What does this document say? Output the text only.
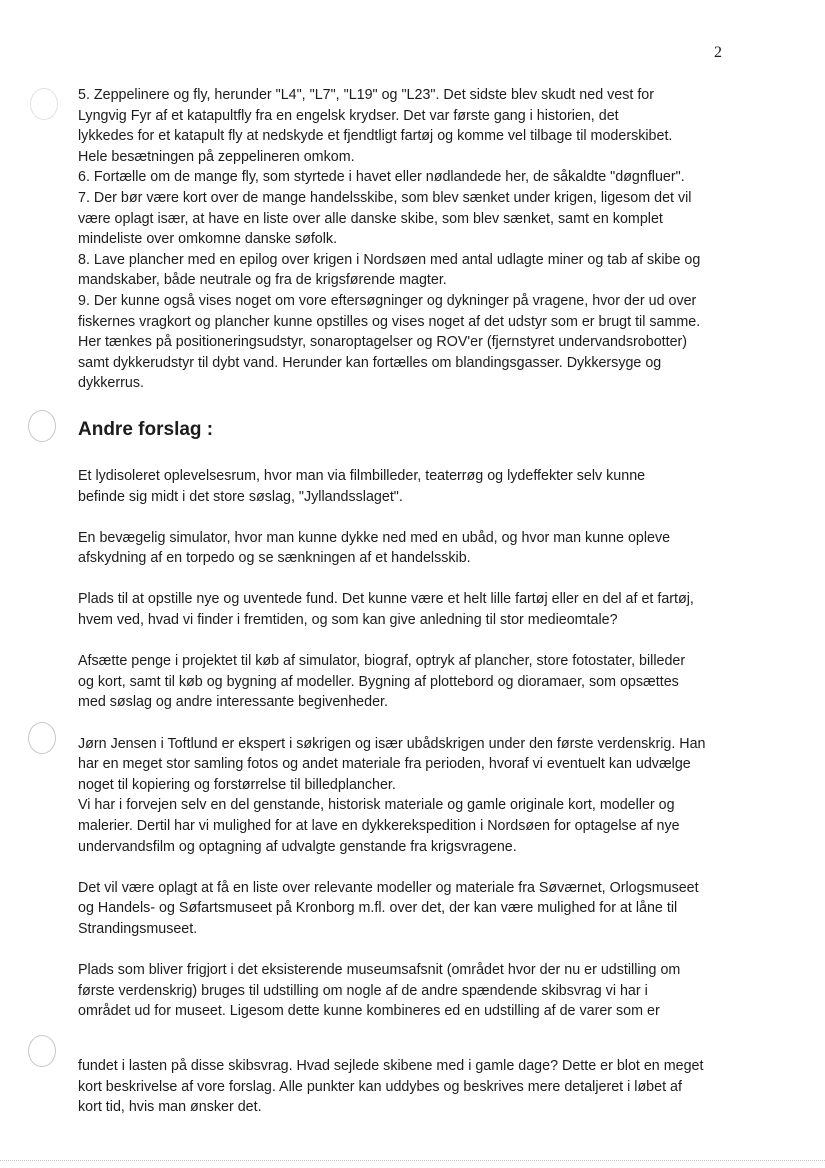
2

5. Zeppelinere og fly, herunder "L4", "L7", "L19" og "L23". Det sidste blev skudt ned vest for
Lyngvig Fyr af et katapultfly fra en engelsk krydser. Det var første gang i historien, det
lykkedes for et katapult fly at nedskyde et fjendtligt fartøj og komme vel tilbage til moderskibet.
Hele besætningen på zeppelineren omkom.

6. Fortælle om de mange fly, som styrtede i havet eller nødlandede her, de såkaldte "døgnfluer".

7. Der bør være kort over de mange handelsskibe, som blev sænket under krigen, ligesom det vil
være oplagt især, at have en liste over alle danske skibe, som blev sænket, samt en komplet
mindeliste over omkomne danske søfolk.

8. Lave plancher med en epilog over krigen i Nordsøen med antal udlagte miner og tab af skibe og
mandskaber, både neutrale og fra de krigsførende magter.

9. Der kunne også vises noget om vore eftersøgninger og dykninger på vragene, hvor der ud over
fiskernes vragkort og plancher kunne opstilles og vises noget af det udstyr som er brugt til samme.
Her tænkes på positioneringsudstyr, sonaroptagelser og ROV'er (fjernstyret undervandsrobotter)
samt dykkerudstyr til dybt vand. Herunder kan fortælles om blandingsgasser. Dykkersyge og
dykkerrus.

Andre forslag :

Et lydisoleret oplevelsesrum, hvor man via filmbilleder, teaterrøg og lydeffekter selv kunne
befinde sig midt i det store søslag, "Jyllandsslaget".

En bevægelig simulator, hvor man kunne dykke ned med en ubåd, og hvor man kunne opleve
afskydning af en torpedo og se sænkningen af et handelsskib.

Plads til at opstille nye og uventede fund. Det kunne være et helt lille fartøj eller en del af et fartøj,
hvem ved, hvad vi finder i fremtiden, og som kan give anledning til stor medieomtale?

Afsætte penge i projektet til køb af simulator, biograf, optryk af plancher, store fotostater, billeder
og kort, samt til køb og bygning af modeller. Bygning af plottebord og dioramaer, som opsættes
med søslag og andre interessante begivenheder.

Jørn Jensen i Toftlund er ekspert i søkrigen og især ubådskrigen under den første verdenskrig. Han
har en meget stor samling fotos og andet materiale fra perioden, hvoraf vi eventuelt kan udvælge
noget til kopiering og forstørrelse til billedplancher.

Vi har i forvejen selv en del genstande, historisk materiale og gamle originale kort, modeller og
malerier. Dertil har vi mulighed for at lave en dykkerekspedition i Nordsøen for optagelse af nye
undervandsfilm og optagning af udvalgte genstande fra krigsvragene.

Det vil være oplagt at få en liste over relevante modeller og materiale fra Søværnet, Orlogsmuseet
og Handels- og Søfartsmuseet på Kronborg m.fl. over det, der kan være mulighed for at låne til
Strandingsmuseet.

Plads som bliver frigjort i det eksisterende museumsafsnit (området hvor der nu er udstilling om
første verdenskrig) bruges til udstilling om nogle af de andre spændende skibsvrag vi har i
området ud for museet. Ligesom dette kunne kombineres ed en udstilling af de varer som er

fundet i lasten på disse skibsvrag. Hvad sejlede skibene med i gamle dage? Dette er blot en meget
kort beskrivelse af vore forslag. Alle punkter kan uddybes og beskrives mere detaljeret i løbet af
kort tid, hvis man ønsker det.
